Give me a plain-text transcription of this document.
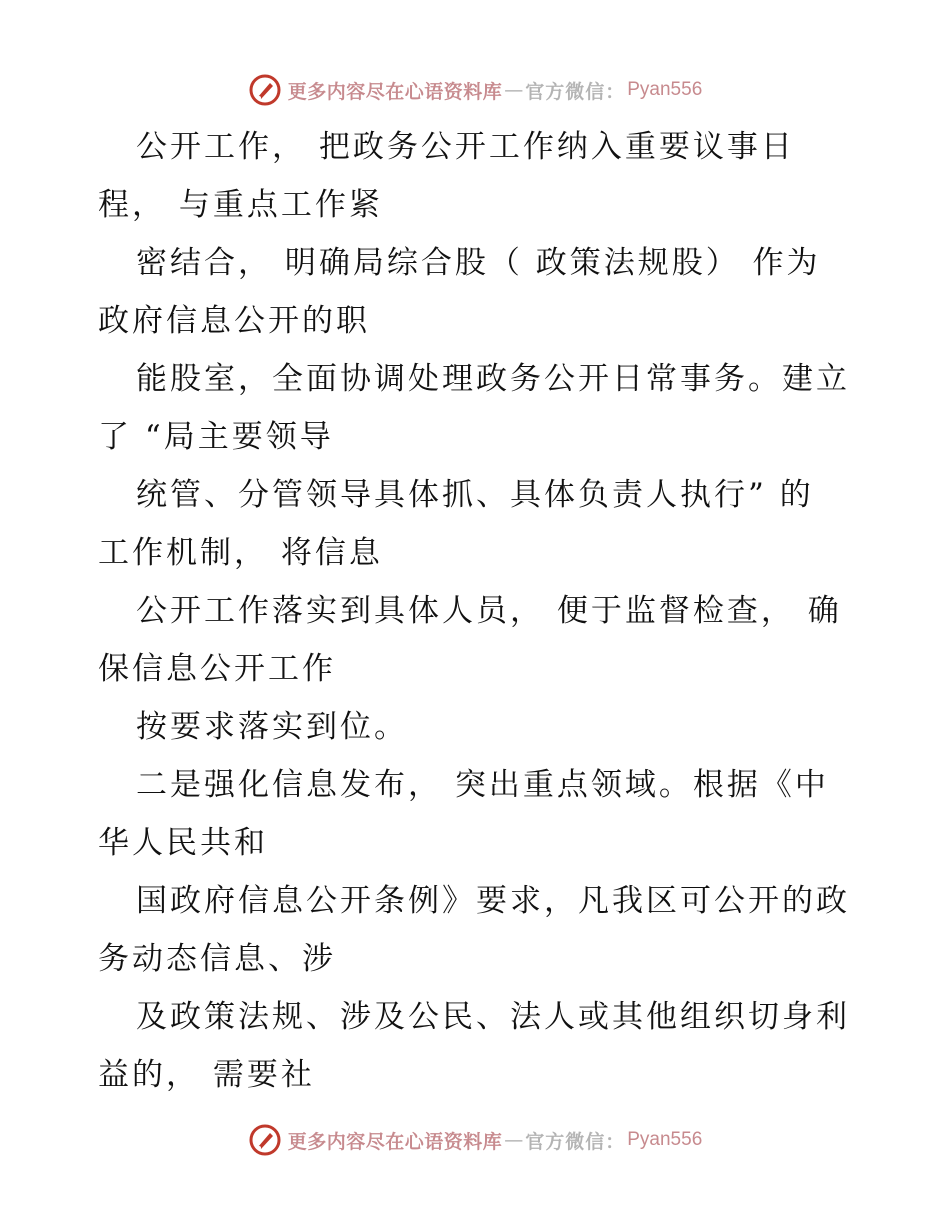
更多内容尽在心语资料库 — 官方微信： Pyan556
公开工作， 把政务公开工作纳入重要议事日
程， 与重点工作紧
密结合， 明确局综合股（ 政策法规股） 作为
政府信息公开的职
能股室，全面协调处理政务公开日常事务。建立
了 “局主要领导
统管、分管领导具体抓、具体负责人执行” 的
工作机制， 将信息
公开工作落实到具体人员， 便于监督检查， 确
保信息公开工作
按要求落实到位。
二是强化信息发布， 突出重点领域。根据《中
华人民共和
国政府信息公开条例》要求，凡我区可公开的政
务动态信息、涉
及政策法规、涉及公民、法人或其他组织切身利
益的， 需要社
更多内容尽在心语资料库 — 官方微信： Pyan556
